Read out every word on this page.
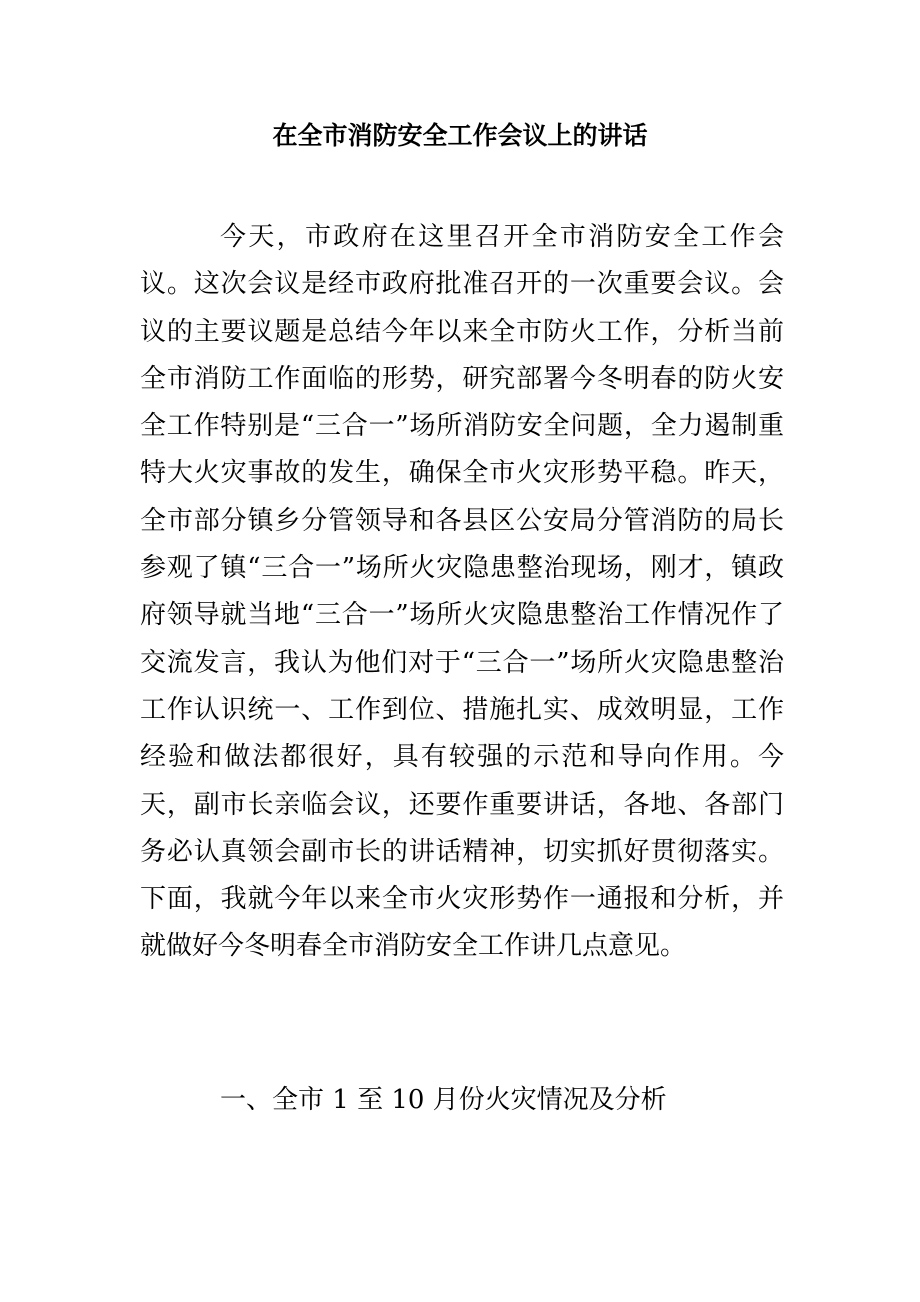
在全市消防安全工作会议上的讲话

今天，市政府在这里召开全市消防安全工作会议。这次会议是经市政府批准召开的一次重要会议。会议的主要议题是总结今年以来全市防火工作，分析当前全市消防工作面临的形势，研究部署今冬明春的防火安全工作特别是“三合一”场所消防安全问题，全力遏制重特大火灾事故的发生，确保全市火灾形势平稳。昨天，全市部分镇乡分管领导和各县区公安局分管消防的局长参观了镇“三合一”场所火灾隐患整治现场，刚才，镇政府领导就当地“三合一”场所火灾隐患整治工作情况作了交流发言，我认为他们对于“三合一”场所火灾隐患整治工作认识统一、工作到位、措施扎实、成效明显，工作经验和做法都很好，具有较强的示范和导向作用。今天，副市长亲临会议，还要作重要讲话，各地、各部门务必认真领会副市长的讲话精神，切实抓好贯彻落实。下面，我就今年以来全市火灾形势作一通报和分析，并就做好今冬明春全市消防安全工作讲几点意见。

一、全市 1 至 10 月份火灾情况及分析
